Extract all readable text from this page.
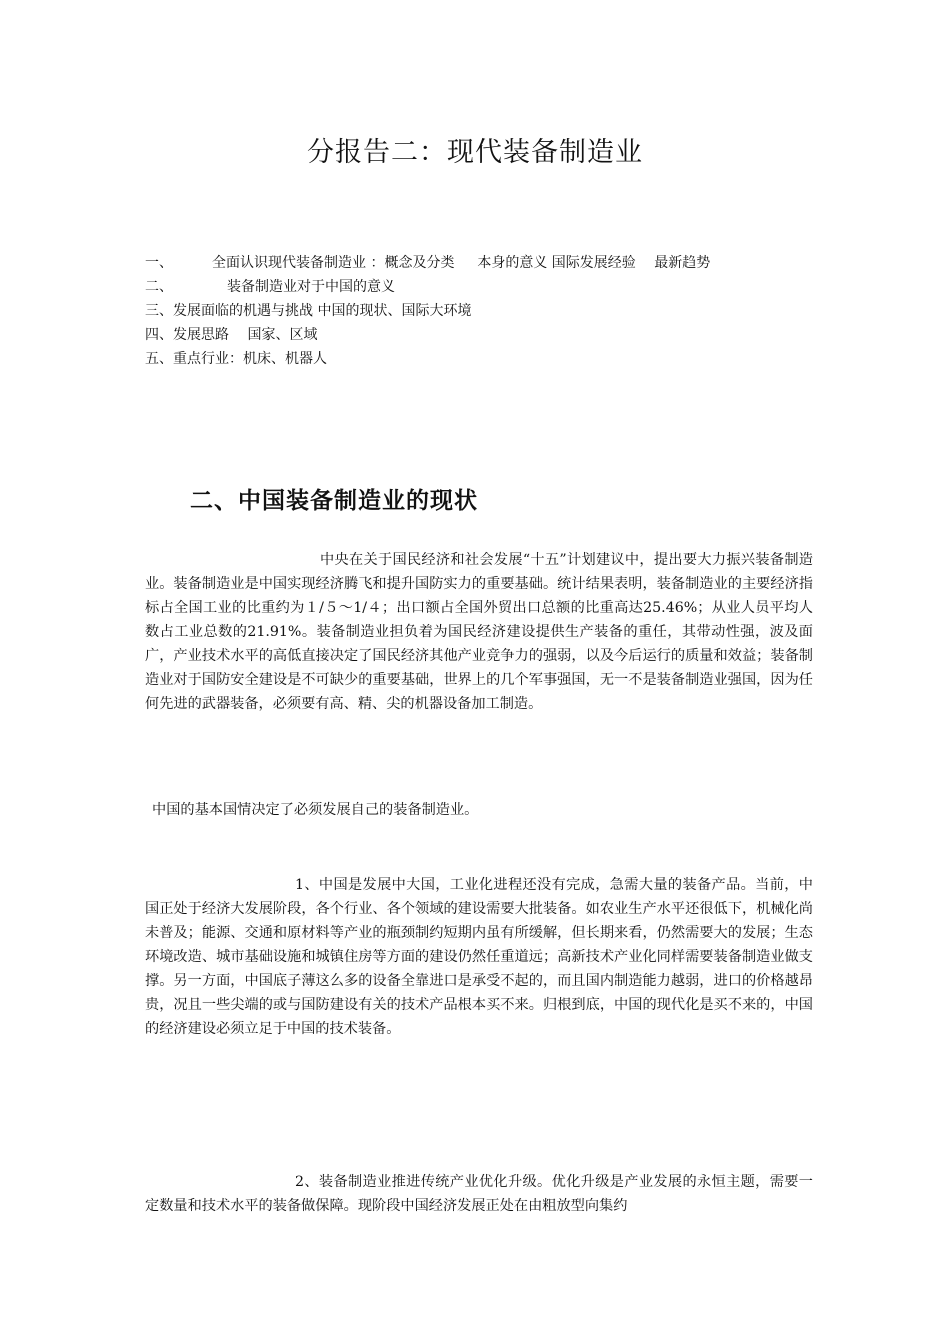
分报告二：现代装备制造业
一、	全面认识现代装备制造业 ：概念及分类 　 本身的意义 国际发展经验 　最新趋势
二、	装备制造业对于中国的意义
三、发展面临的机遇与挑战 中国的现状、国际大环境
四、发展思路 　国家、区域
五、重点行业：机床、机器人
二、中国装备制造业的现状

中央在关于国民经济和社会发展“十五”计划建议中，提出要大力振兴装备制造业。装备制造业是中国实现经济腾飞和提升国防实力的重要基础。统计结果表明，装备制造业的主要经济指标占全国工业的比重约为１/５～1/４；出口额占全国外贸出口总额的比重高达25.46%；从业人员平均人数占工业总数的21.91%。装备制造业担负着为国民经济建设提供生产装备的重任，其带动性强，波及面广，产业技术水平的高低直接决定了国民经济其他产业竞争力的强弱，以及今后运行的质量和效益；装备制造业对于国防安全建设是不可缺少的重要基础，世界上的几个军事强国，无一不是装备制造业强国，因为任何先进的武器装备，必须要有高、精、尖的机器设备加工制造。

中国的基本国情决定了必须发展自己的装备制造业。

1、中国是发展中大国，工业化进程还没有完成，急需大量的装备产品。当前，中国正处于经济大发展阶段，各个行业、各个领域的建设需要大批装备。如农业生产水平还很低下，机械化尚未普及；能源、交通和原材料等产业的瓶颈制约短期内虽有所缓解，但长期来看，仍然需要大的发展；生态环境改造、城市基础设施和城镇住房等方面的建设仍然任重道远；高新技术产业化同样需要装备制造业做支撑。另一方面，中国底子薄这么多的设备全靠进口是承受不起的，而且国内制造能力越弱，进口的价格越昂贵，况且一些尖端的或与国防建设有关的技术产品根本买不来。归根到底，中国的现代化是买不来的，中国的经济建设必须立足于中国的技术装备。

2、装备制造业推进传统产业优化升级。优化升级是产业发展的永恒主题，需要一定数量和技术水平的装备做保障。现阶段中国经济发展正处在由粗放型向集约
